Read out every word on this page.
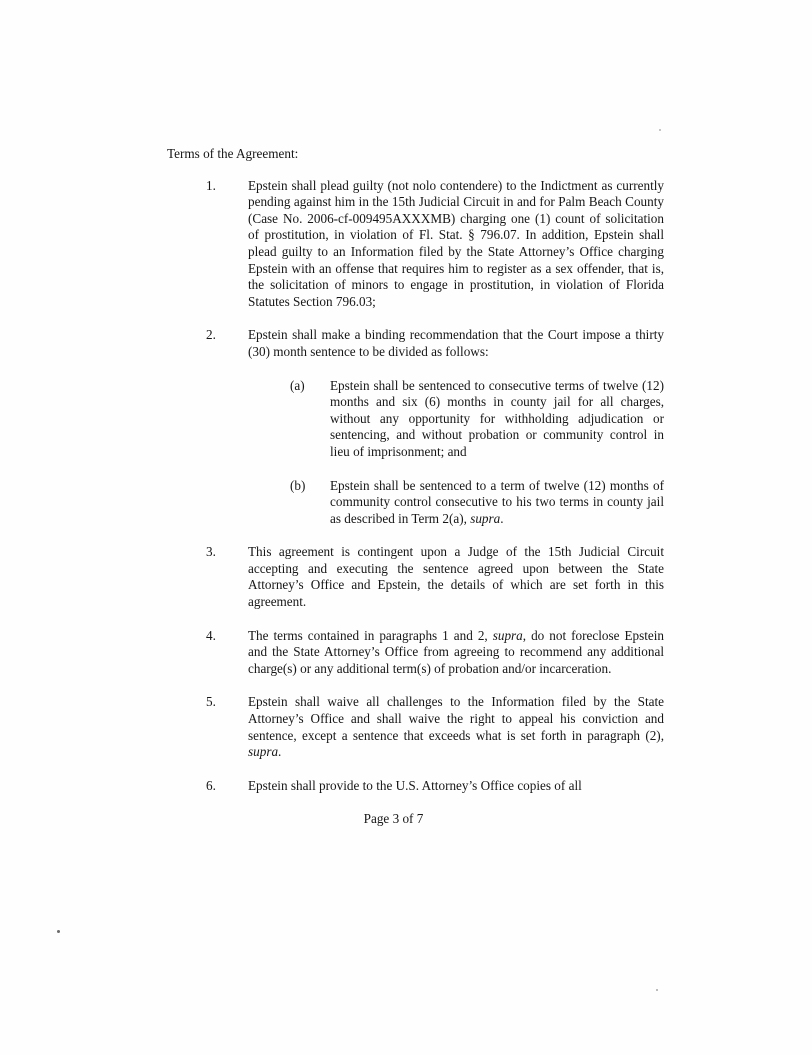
Terms of the Agreement:
1.	Epstein shall plead guilty (not nolo contendere) to the Indictment as currently pending against him in the 15th Judicial Circuit in and for Palm Beach County (Case No. 2006-cf-009495AXXXMB) charging one (1) count of solicitation of prostitution, in violation of Fl. Stat. § 796.07. In addition, Epstein shall plead guilty to an Information filed by the State Attorney’s Office charging Epstein with an offense that requires him to register as a sex offender, that is, the solicitation of minors to engage in prostitution, in violation of Florida Statutes Section 796.03;

2.	Epstein shall make a binding recommendation that the Court impose a thirty (30) month sentence to be divided as follows:

(a)	Epstein shall be sentenced to consecutive terms of twelve (12) months and six (6) months in county jail for all charges, without any opportunity for withholding adjudication or sentencing, and without probation or community control in lieu of imprisonment; and

(b)	Epstein shall be sentenced to a term of twelve (12) months of community control consecutive to his two terms in county jail as described in Term 2(a), supra.

3.	This agreement is contingent upon a Judge of the 15th Judicial Circuit accepting and executing the sentence agreed upon between the State Attorney’s Office and Epstein, the details of which are set forth in this agreement.

4.	The terms contained in paragraphs 1 and 2, supra, do not foreclose Epstein and the State Attorney’s Office from agreeing to recommend any additional charge(s) or any additional term(s) of probation and/or incarceration.

5.	Epstein shall waive all challenges to the Information filed by the State Attorney’s Office and shall waive the right to appeal his conviction and sentence, except a sentence that exceeds what is set forth in paragraph (2), supra.

6.	Epstein shall provide to the U.S. Attorney’s Office copies of all

Page 3 of 7
